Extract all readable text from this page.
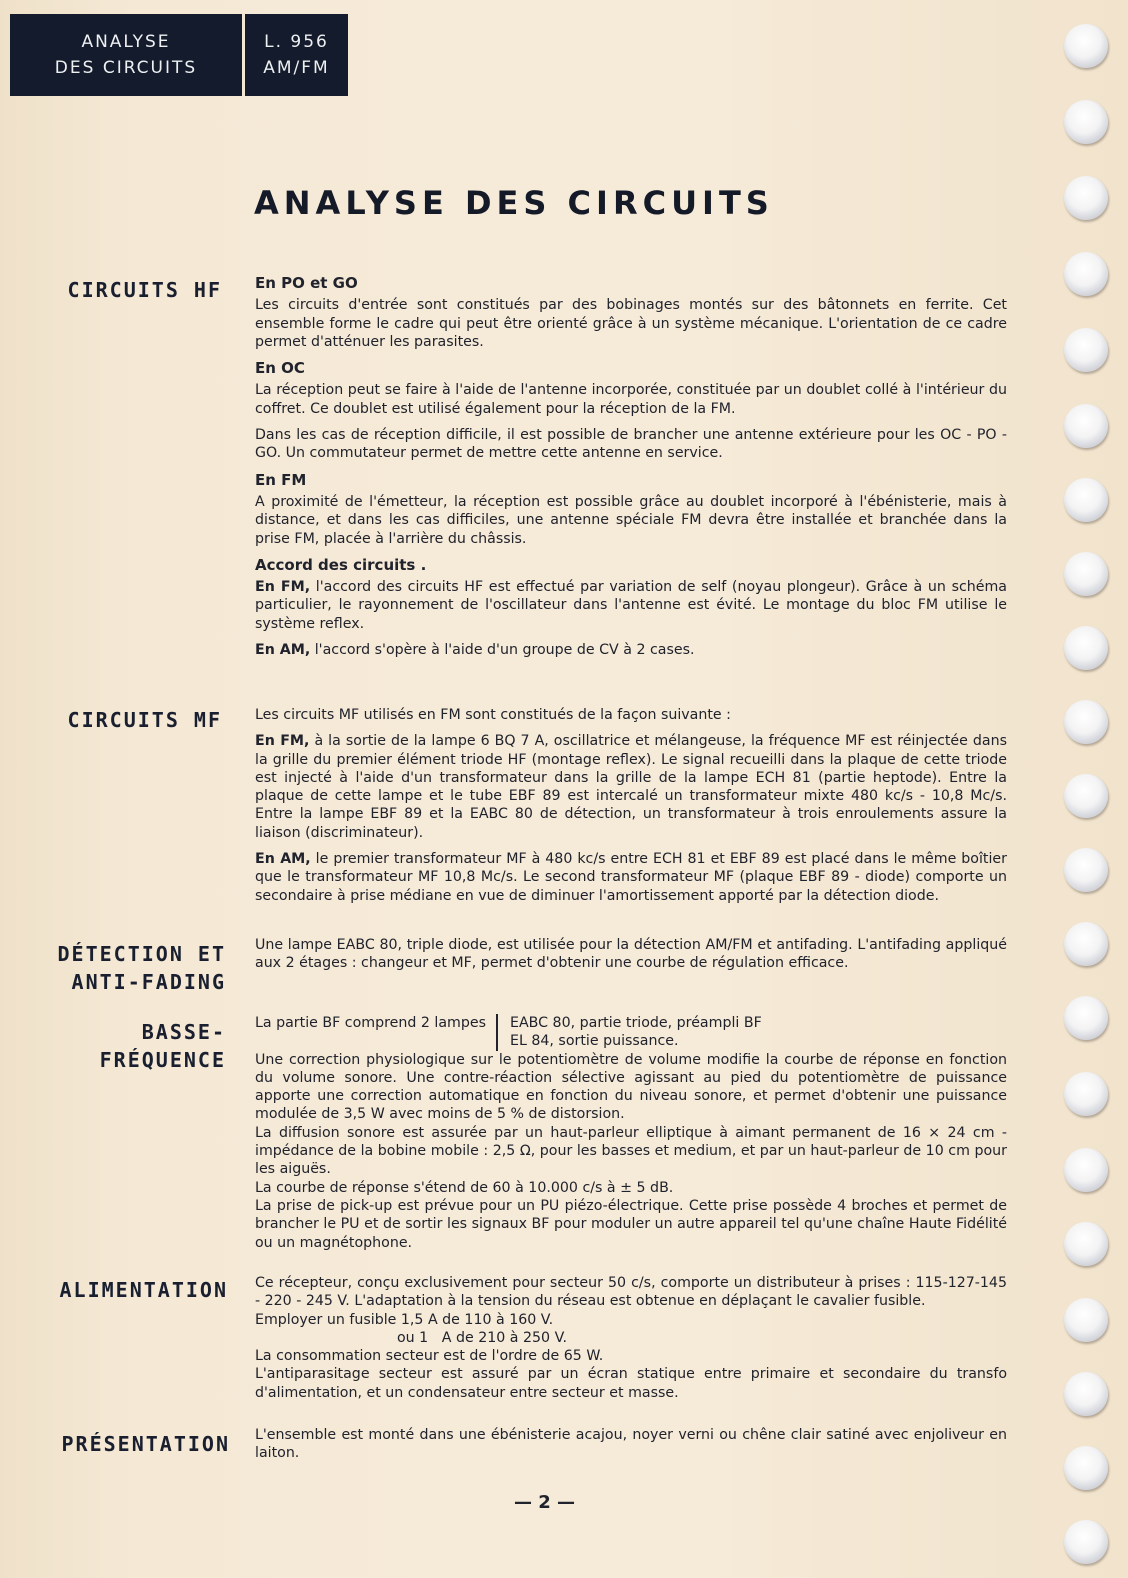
ANALYSE
DES CIRCUITS
L. 956
AM/FM
ANALYSE DES CIRCUITS
CIRCUITS HF En PO et GO

Les circuits d'entrée sont constitués par des bobinages montés sur des bâtonnets en ferrite. Cet ensemble forme le cadre qui peut être orienté grâce à un système mécanique. L'orientation de ce cadre permet d'atténuer les parasites.

En OC

La réception peut se faire à l'aide de l'antenne incorporée, constituée par un doublet collé à l'intérieur du coffret. Ce doublet est utilisé également pour la réception de la FM.

Dans les cas de réception difficile, il est possible de brancher une antenne extérieure pour les OC - PO - GO. Un commutateur permet de mettre cette antenne en service.

En FM

A proximité de l'émetteur, la réception est possible grâce au doublet incorporé à l'ébénisterie, mais à distance, et dans les cas difficiles, une antenne spéciale FM devra être installée et branchée dans la prise FM, placée à l'arrière du châssis.

Accord des circuits .

En FM, l'accord des circuits HF est effectué par variation de self (noyau plongeur). Grâce à un schéma particulier, le rayonnement de l'oscillateur dans l'antenne est évité. Le montage du bloc FM utilise le système reflex.

En AM, l'accord s'opère à l'aide d'un groupe de CV à 2 cases.

CIRCUITS MF Les circuits MF utilisés en FM sont constitués de la façon suivante :

En FM, à la sortie de la lampe 6 BQ 7 A, oscillatrice et mélangeuse, la fréquence MF est réinjectée dans la grille du premier élément triode HF (montage reflex). Le signal recueilli dans la plaque de cette triode est injecté à l'aide d'un transformateur dans la grille de la lampe ECH 81 (partie heptode). Entre la plaque de cette lampe et le tube EBF 89 est intercalé un transformateur mixte 480 kc/s - 10,8 Mc/s. Entre la lampe EBF 89 et la EABC 80 de détection, un transformateur à trois enroulements assure la liaison (discriminateur).

En AM, le premier transformateur MF à 480 kc/s entre ECH 81 et EBF 89 est placé dans le même boîtier que le transformateur MF 10,8 Mc/s. Le second transformateur MF (plaque EBF 89 - diode) comporte un secondaire à prise médiane en vue de diminuer l'amortissement apporté par la détection diode.

DÉTECTION ET
ANTI-FADING

Une lampe EABC 80, triple diode, est utilisée pour la détection AM/FM et antifading. L'antifading appliqué aux 2 étages : changeur et MF, permet d'obtenir une courbe de régulation efficace.

BASSE-
FRÉQUENCE
La partie BF comprend 2 lampes	EABC 80, partie triode, préampli BF
EL 84, sortie puissance.

Une correction physiologique sur le potentiomètre de volume modifie la courbe de réponse en fonction du volume sonore. Une contre-réaction sélective agissant au pied du potentiomètre de puissance apporte une correction automatique en fonction du niveau sonore, et permet d'obtenir une puissance modulée de 3,5 W avec moins de 5 % de distorsion.

La diffusion sonore est assurée par un haut-parleur elliptique à aimant permanent de 16 × 24 cm - impédance de la bobine mobile : 2,5 Ω, pour les basses et medium, et par un haut-parleur de 10 cm pour les aiguës.

La courbe de réponse s'étend de 60 à 10.000 c/s à ± 5 dB.

La prise de pick-up est prévue pour un PU piézo-électrique. Cette prise possède 4 broches et permet de brancher le PU et de sortir les signaux BF pour moduler un autre appareil tel qu'une chaîne Haute Fidélité ou un magnétophone.

ALIMENTATION Ce récepteur, conçu exclusivement pour secteur 50 c/s, comporte un distributeur à prises : 115-127-145 - 220 - 245 V. L'adaptation à la tension du réseau est obtenue en déplaçant le cavalier fusible.

Employer un fusible 1,5 A de 110 à 160 V.

ou 1   A de 210 à 250 V.

La consommation secteur est de l'ordre de 65 W.

L'antiparasitage secteur est assuré par un écran statique entre primaire et secondaire du transfo d'alimentation, et un condensateur entre secteur et masse.

PRÉSENTATION L'ensemble est monté dans une ébénisterie acajou, noyer verni ou chêne clair satiné avec enjoliveur en laiton.

— 2 —
